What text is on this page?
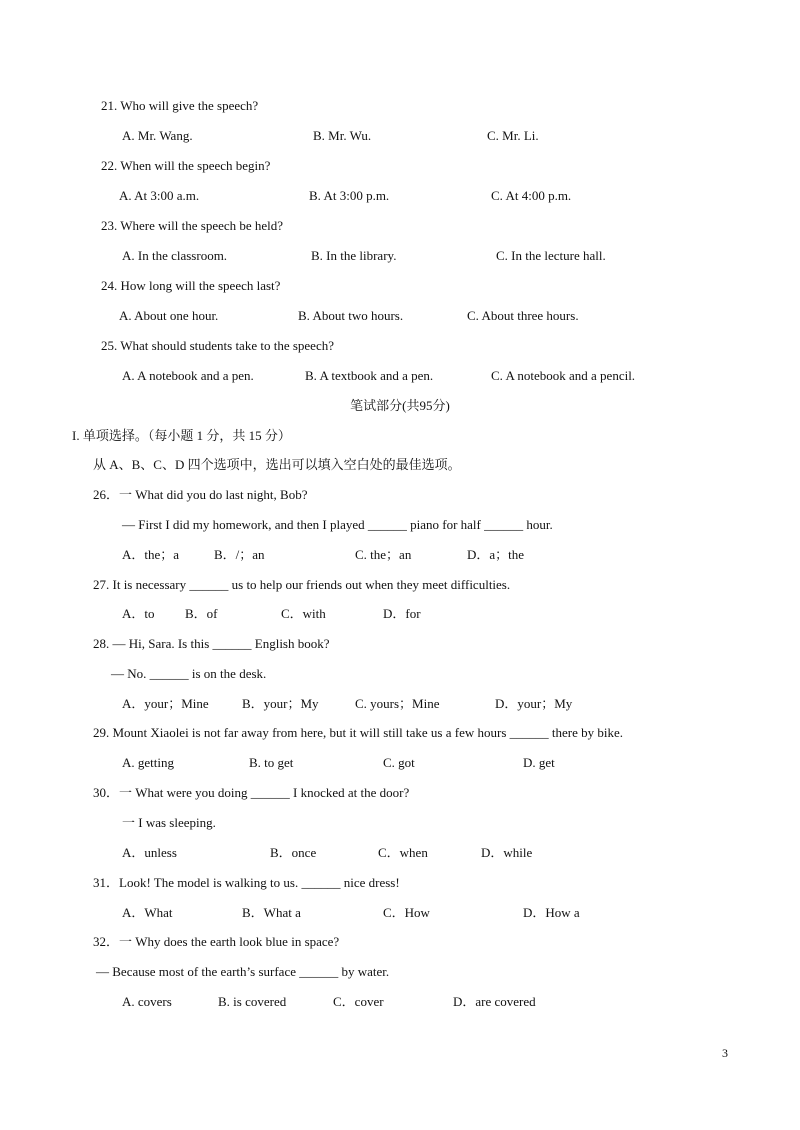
21. Who will give the speech?
A. Mr. Wang.	B. Mr. Wu.	C. Mr. Li.
22. When will the speech begin?
A. At 3:00 a.m.	B. At 3:00 p.m.	C. At 4:00 p.m.
23. Where will the speech be held?
A. In the classroom.	B. In the library.	C. In the lecture hall.
24. How long will the speech last?
A. About one hour.	B. About two hours.	C. About three hours.
25. What should students take to the speech?
A. A notebook and a pen.	B. A textbook and a pen.	C. A notebook and a pencil.
笔试部分(共95分)
I. 单项选择。（每小题 1 分，共 15 分）
从 A、B、C、D 四个选项中，选出可以填入空白处的最佳选项。
26．一 What did you do last night, Bob?
— First I did my homework, and then I played ______ piano for half ______ hour.
A．the；a	B．/；an	C. the；an	D．a；the
27. It is necessary ______ us to help our friends out when they meet difficulties.
A．to B．of	C．with	D．for
28. — Hi, Sara. Is this ______ English book?
— No. ______ is on the desk.
A．your；Mine	B．your；My	C. yours；Mine	D．your；My
29. Mount Xiaolei is not far away from here, but it will still take us a few hours ______ there by bike.
A. getting	B. to get	C. got	D. get
30．一 What were you doing ______ I knocked at the door?
一 I was sleeping.
A．unless	B．once	C．when	D．while
31．Look! The model is walking to us. ______ nice dress!
A．What	B．What a	C．How	D．How a
32．一 Why does the earth look blue in space?
— Because most of the earth’s surface ______ by water.
A. covers	B. is covered	C．cover	D．are covered
3
